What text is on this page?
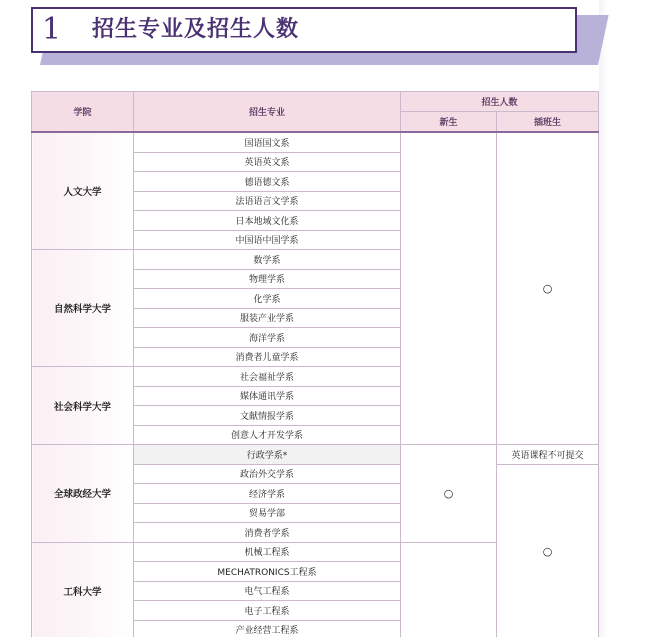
1 招生专业及招生人数
学院	招生专业	招生人数	
		新生	插班生
人文大学	国语国文系		○
	英语英文系		
	德语德文系		
	法语语言文学系		
	日本地域文化系		
	中国语中国学系		
自然科学大学	数学系		
	物理学系		
	化学系		
	服装产业学系		
	海洋学系		
	消费者儿童学系		
社会科学大学	社会福祉学系		
	媒体通讯学系		
	文献情报学系		
	创意人才开发学系		
全球政经大学	行政学系*	○	英语课程不可提交
	政治外交学系		○
	经济学系		
	贸易学部		
	消费者学系		
工科大学	机械工程系		
	MECHATRONICS工程系		
	电气工程系		
	电子工程系		
	产业经营工程系		
